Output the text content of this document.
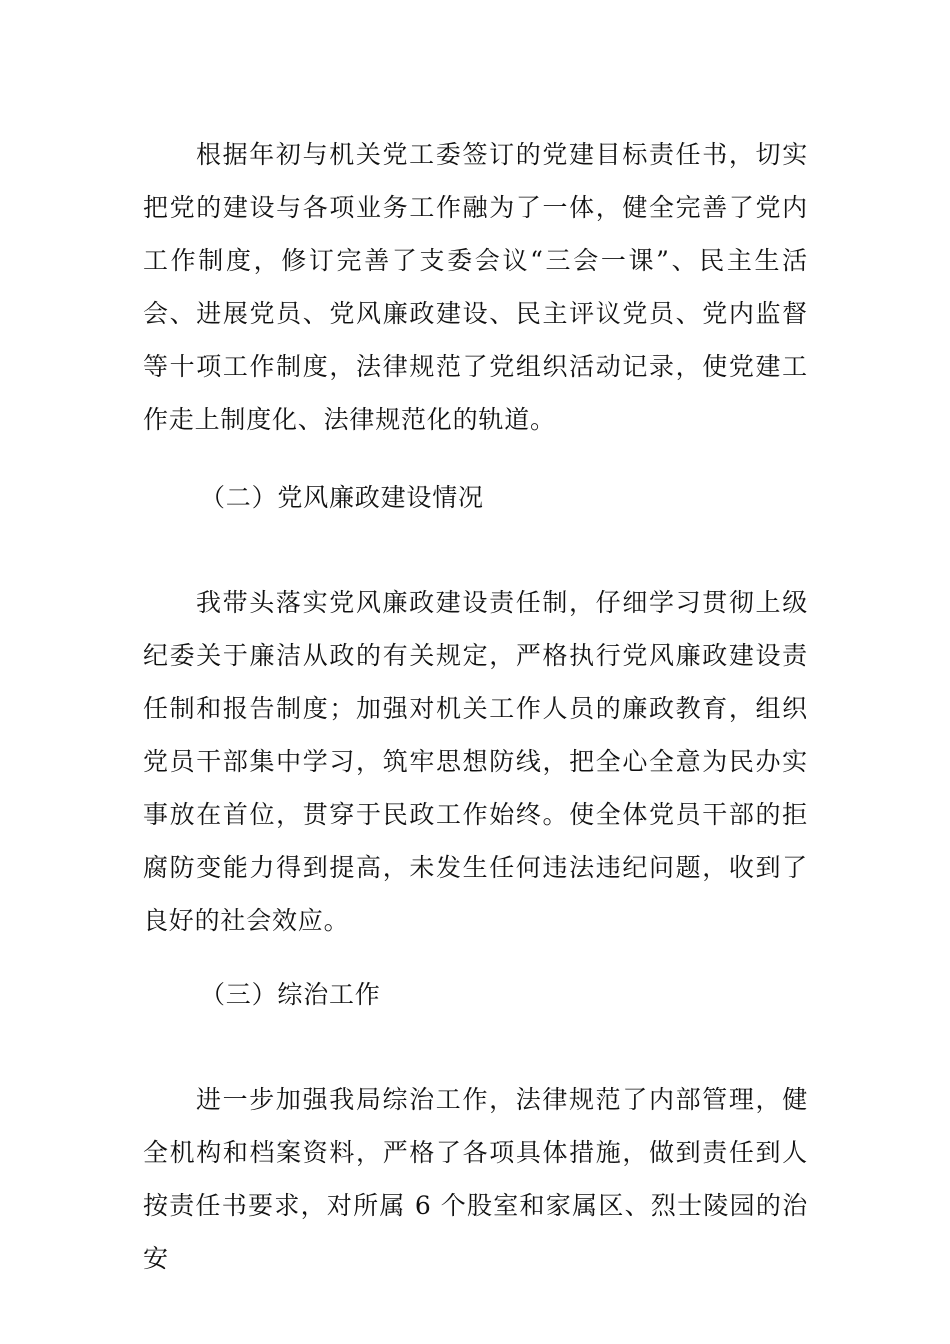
根据年初与机关党工委签订的党建目标责任书，切实把党的建设与各项业务工作融为了一体，健全完善了党内工作制度，修订完善了支委会议“三会一课”、民主生活会、进展党员、党风廉政建设、民主评议党员、党内监督等十项工作制度，法律规范了党组织活动记录，使党建工作走上制度化、法律规范化的轨道。

（二）党风廉政建设情况

我带头落实党风廉政建设责任制，仔细学习贯彻上级纪委关于廉洁从政的有关规定，严格执行党风廉政建设责任制和报告制度；加强对机关工作人员的廉政教育，组织党员干部集中学习，筑牢思想防线，把全心全意为民办实事放在首位，贯穿于民政工作始终。使全体党员干部的拒腐防变能力得到提高，未发生任何违法违纪问题，收到了良好的社会效应。

（三）综治工作

进一步加强我局综治工作，法律规范了内部管理，健全机构和档案资料，严格了各项具体措施，做到责任到人按责任书要求，对所属 6 个股室和家属区、烈士陵园的治安
